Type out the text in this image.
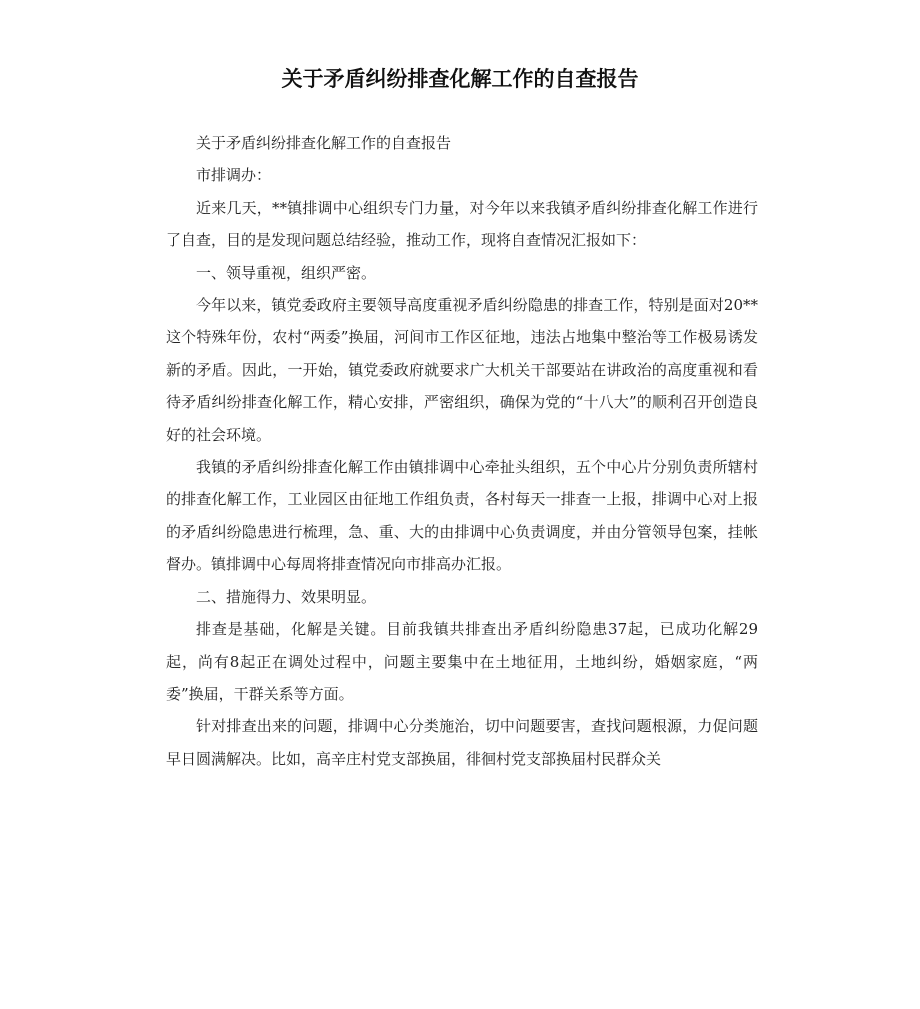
关于矛盾纠纷排查化解工作的自查报告

关于矛盾纠纷排查化解工作的自查报告

市排调办：

近来几天，**镇排调中心组织专门力量，对今年以来我镇矛盾纠纷排查化解工作进行了自查，目的是发现问题总结经验，推动工作，现将自查情况汇报如下：

一、领导重视，组织严密。

今年以来，镇党委政府主要领导高度重视矛盾纠纷隐患的排查工作，特别是面对20**这个特殊年份，农村“两委”换届，河间市工作区征地，违法占地集中整治等工作极易诱发新的矛盾。因此，一开始，镇党委政府就要求广大机关干部要站在讲政治的高度重视和看待矛盾纠纷排查化解工作，精心安排，严密组织，确保为党的“十八大”的顺利召开创造良好的社会环境。

我镇的矛盾纠纷排查化解工作由镇排调中心牵扯头组织，五个中心片分别负责所辖村的排查化解工作，工业园区由征地工作组负责，各村每天一排查一上报，排调中心对上报的矛盾纠纷隐患进行梳理，急、重、大的由排调中心负责调度，并由分管领导包案，挂帐督办。镇排调中心每周将排查情况向市排高办汇报。

二、措施得力、效果明显。

排查是基础，化解是关键。目前我镇共排查出矛盾纠纷隐患37起，已成功化解29起，尚有8起正在调处过程中，问题主要集中在土地征用，土地纠纷，婚姻家庭，“两委”换届，干群关系等方面。

针对排查出来的问题，排调中心分类施治，切中问题要害，查找问题根源，力促问题早日圆满解决。比如，高辛庄村党支部换届，徘徊村党支部换届村民群众关
